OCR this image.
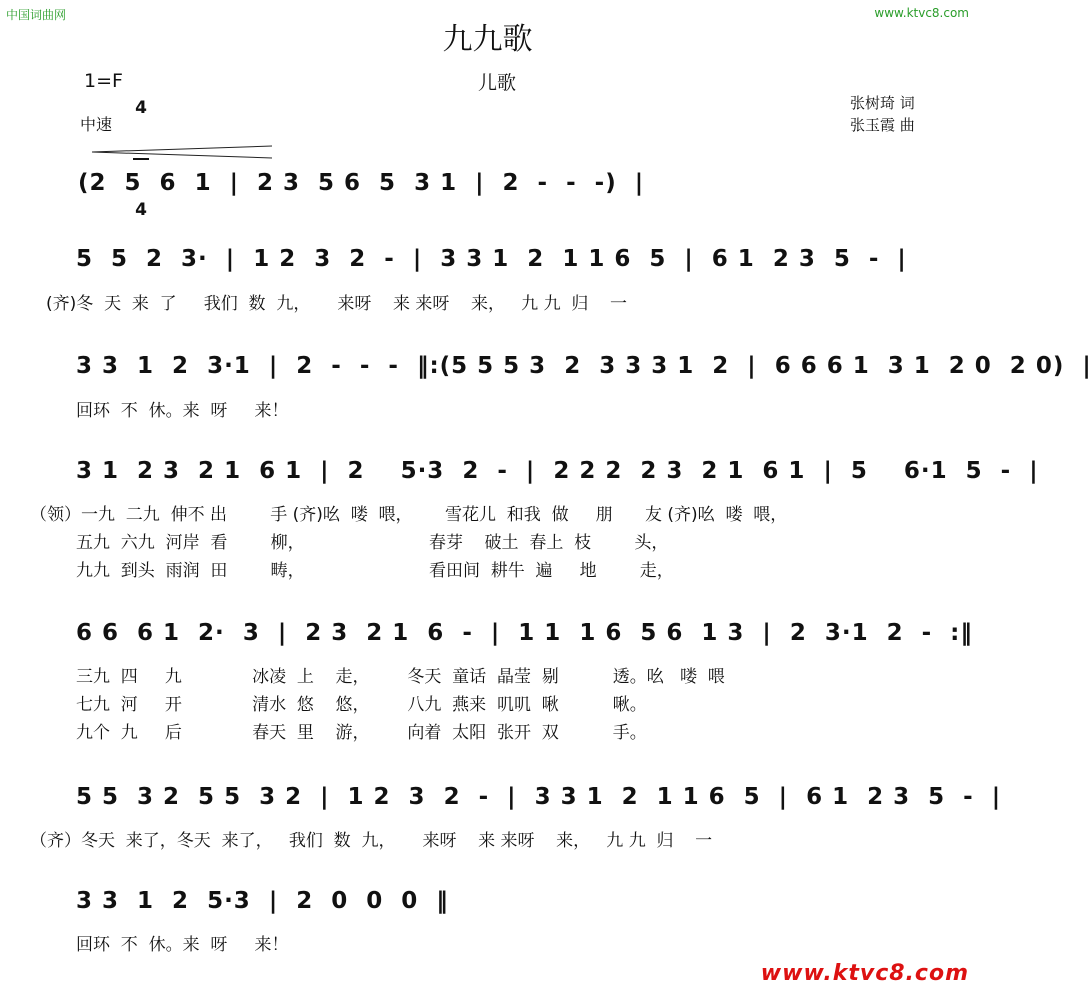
中国词曲网	www.ktvc8.com
九九歌
儿歌
1=F

4

4

中速
张树琦 词
张玉霞 曲
(2  5  6  1  |  2 3  5 6  5  3 1  |  2  -  -  -)  |
5  5  2  3·  |  1 2  3  2  -  |  3 3 1  2  1 1 6  5  |  6 1  2 3  5  -  |
(齐)冬  天  来  了     我们  数  九，     来呀    来 来呀    来，   九 九  归    一
3 3  1  2  3·1  |  2  -  -  -  ‖:(5 5 5 3  2  3 3 3 1  2  |  6 6 6 1  3 1  2 0  2 0)  |
回环  不  休。来  呀     来！
3 1  2 3  2 1  6 1  |  2    5·3  2  -  |  2 2 2  2 3  2 1  6 1  |  5    6·1  5  -  |
（领）一九  二九  伸不 出        手 (齐)吆  喽  喂，      雪花儿  和我  做     朋      友 (齐)吆  喽  喂，
五九  六九  河岸  看        柳，                       春芽    破土  春上  枝        头，
九九  到头  雨润  田        畴，                       看田间  耕牛  遍     地        走，
6 6  6 1  2·  3  |  2 3  2 1  6  -  |  1 1  1 6  5 6  1 3  |  2  3·1  2  -  :‖
三九  四     九             冰凌  上    走，       冬天  童话  晶莹  剔          透。吆   喽  喂
七九  河     开             清水  悠    悠，       八九  燕来  叽叽  啾          啾。
九个  九     后             春天  里    游，       向着  太阳  张开  双          手。
5 5  3 2  5 5  3 2  |  1 2  3  2  -  |  3 3 1  2  1 1 6  5  |  6 1  2 3  5  -  |
（齐）冬天  来了，冬天  来了，   我们  数  九，     来呀    来 来呀    来，   九 九  归    一
3 3  1  2  5·3  |  2  0  0  0  ‖
回环  不  休。来  呀     来！
www.ktvc8.com
